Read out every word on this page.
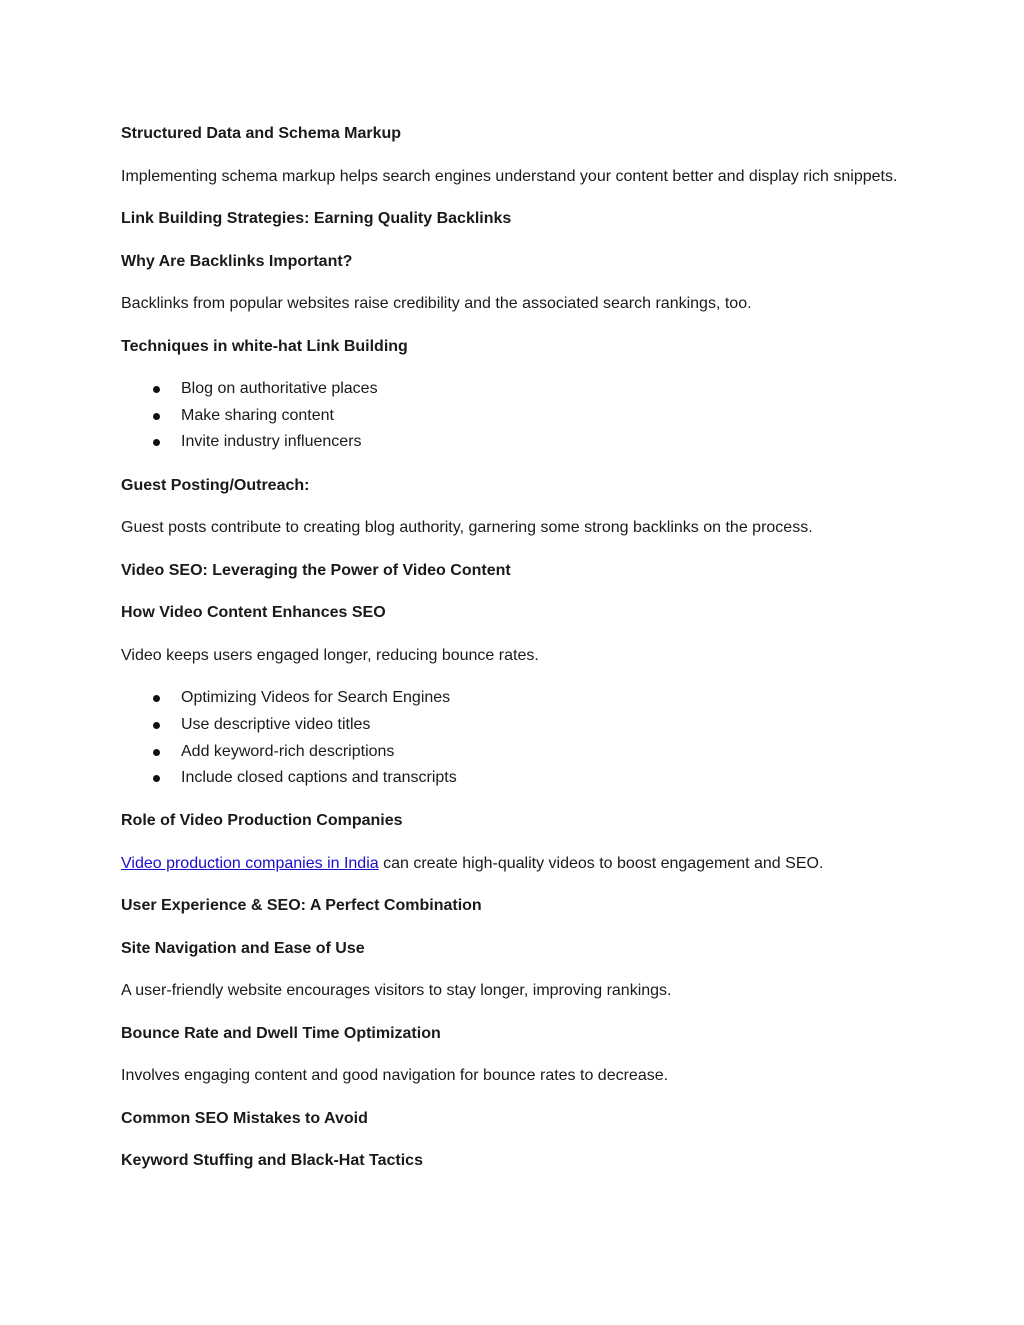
Structured Data and Schema Markup

Implementing schema markup helps search engines understand your content better and display rich snippets.

Link Building Strategies: Earning Quality Backlinks

Why Are Backlinks Important?

Backlinks from popular websites raise credibility and the associated search rankings, too.

Techniques in white-hat Link Building

Blog on authoritative places
Make sharing content
Invite industry influencers

Guest Posting/Outreach:

Guest posts contribute to creating blog authority, garnering some strong backlinks on the process.

Video SEO: Leveraging the Power of Video Content

How Video Content Enhances SEO

Video keeps users engaged longer, reducing bounce rates.

Optimizing Videos for Search Engines
Use descriptive video titles
Add keyword-rich descriptions
Include closed captions and transcripts

Role of Video Production Companies

Video production companies in India can create high-quality videos to boost engagement and SEO.

User Experience & SEO: A Perfect Combination

Site Navigation and Ease of Use

A user-friendly website encourages visitors to stay longer, improving rankings.

Bounce Rate and Dwell Time Optimization

Involves engaging content and good navigation for bounce rates to decrease.

Common SEO Mistakes to Avoid

Keyword Stuffing and Black-Hat Tactics
